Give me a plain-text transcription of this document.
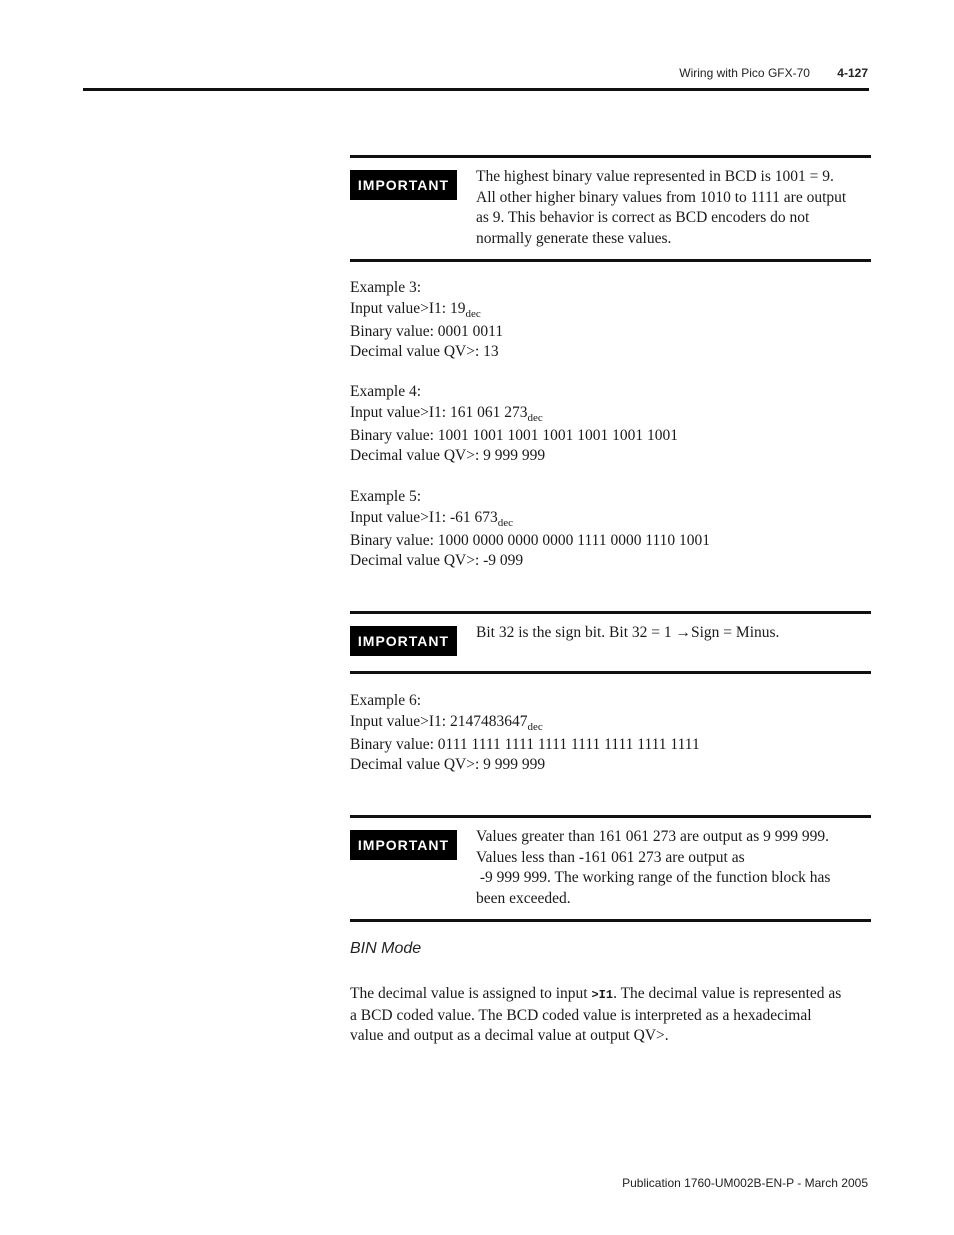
Wiring with Pico GFX-70 4-127
IMPORTANT	The highest binary value represented in BCD is 1001 = 9.
All other higher binary values from 1010 to 1111 are output
as 9. This behavior is correct as BCD encoders do not
normally generate these values.
Example 3:
Input value>I1: $19_{dec}$
Binary value: 0001 0011
Decimal value QV>: 13
Example 4:
Input value>I1: 161 061 $273_{dec}$
Binary value: 1001 1001 1001 1001 1001 1001 1001
Decimal value QV>: 9 999 999
Example 5:
Input value>I1: -61 $673_{dec}$
Binary value: 1000 0000 0000 0000 1111 0000 1110 1001
Decimal value QV>: -9 099
IMPORTANT	Bit 32 is the sign bit. Bit 32 = 1 →Sign = Minus.
Example 6:
Input value>I1: $2147483647_{dec}$
Binary value: 0111 1111 1111 1111 1111 1111 1111 1111
Decimal value QV>: 9 999 999
IMPORTANT	Values greater than 161 061 273 are output as 9 999 999.
Values less than -161 061 273 are output as
-9 999 999. The working range of the function block has
been exceeded.
BIN Mode
The decimal value is assigned to input >I1. The decimal value is represented as
a BCD coded value. The BCD coded value is interpreted as a hexadecimal
value and output as a decimal value at output QV>.
Publication 1760-UM002B-EN-P - March 2005
